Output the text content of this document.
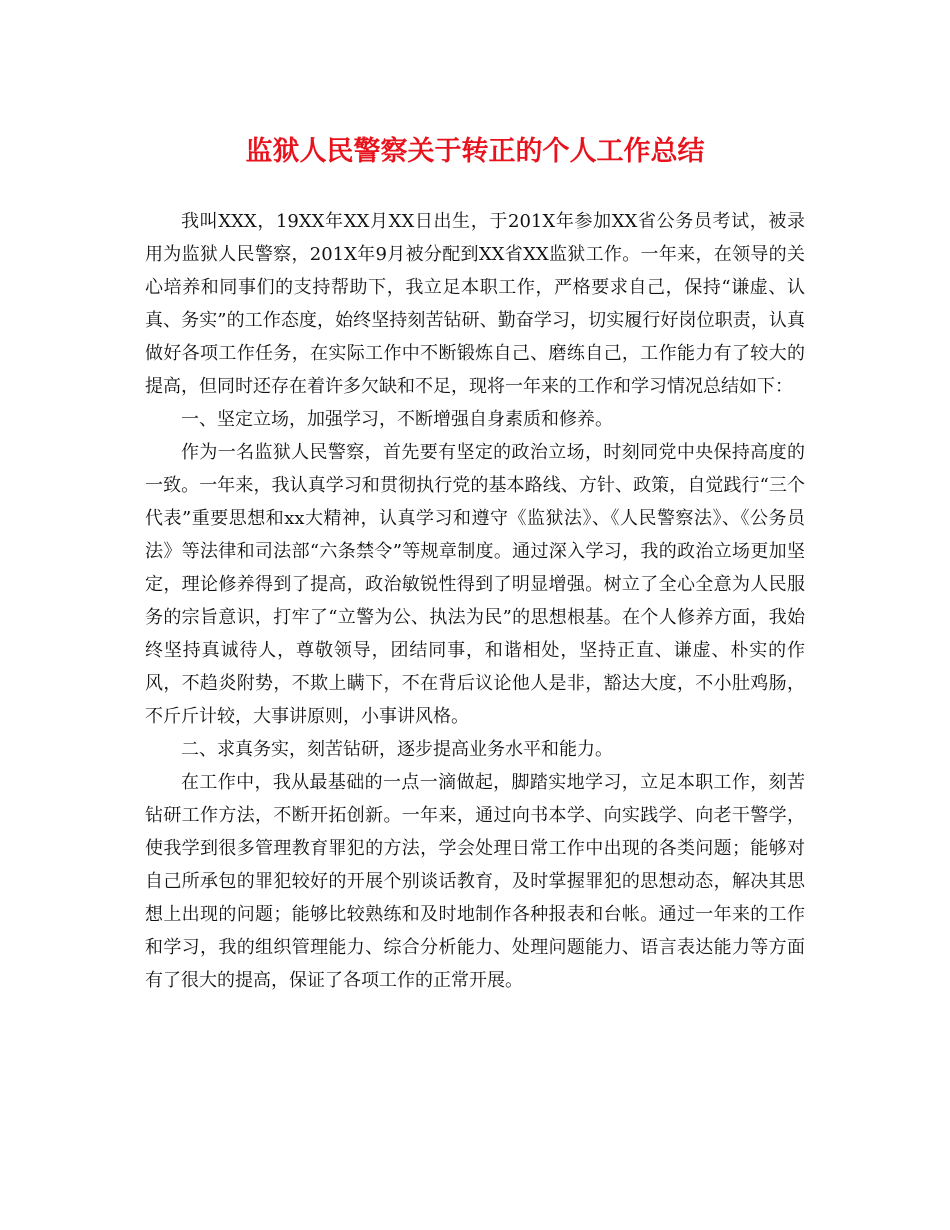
监狱人民警察关于转正的个人工作总结

我叫XXX，19XX年XX月XX日出生，于201X年参加XX省公务员考试，被录用为监狱人民警察，201X年9月被分配到XX省XX监狱工作。一年来，在领导的关心培养和同事们的支持帮助下，我立足本职工作，严格要求自己，保持“谦虚、认真、务实”的工作态度，始终坚持刻苦钻研、勤奋学习，切实履行好岗位职责，认真做好各项工作任务，在实际工作中不断锻炼自己、磨练自己，工作能力有了较大的提高，但同时还存在着许多欠缺和不足，现将一年来的工作和学习情况总结如下：

一、坚定立场，加强学习，不断增强自身素质和修养。

作为一名监狱人民警察，首先要有坚定的政治立场，时刻同党中央保持高度的一致。一年来，我认真学习和贯彻执行党的基本路线、方针、政策，自觉践行“三个代表”重要思想和xx大精神，认真学习和遵守《监狱法》、《人民警察法》、《公务员法》等法律和司法部“六条禁令”等规章制度。通过深入学习，我的政治立场更加坚定，理论修养得到了提高，政治敏锐性得到了明显增强。树立了全心全意为人民服务的宗旨意识，打牢了“立警为公、执法为民”的思想根基。在个人修养方面，我始终坚持真诚待人，尊敬领导，团结同事，和谐相处，坚持正直、谦虚、朴实的作风，不趋炎附势，不欺上瞒下，不在背后议论他人是非，豁达大度，不小肚鸡肠，不斤斤计较，大事讲原则，小事讲风格。

二、求真务实，刻苦钻研，逐步提高业务水平和能力。

在工作中，我从最基础的一点一滴做起，脚踏实地学习，立足本职工作，刻苦钻研工作方法，不断开拓创新。一年来，通过向书本学、向实践学、向老干警学，使我学到很多管理教育罪犯的方法，学会处理日常工作中出现的各类问题；能够对自己所承包的罪犯较好的开展个别谈话教育，及时掌握罪犯的思想动态，解决其思想上出现的问题；能够比较熟练和及时地制作各种报表和台帐。通过一年来的工作和学习，我的组织管理能力、综合分析能力、处理问题能力、语言表达能力等方面有了很大的提高，保证了各项工作的正常开展。
